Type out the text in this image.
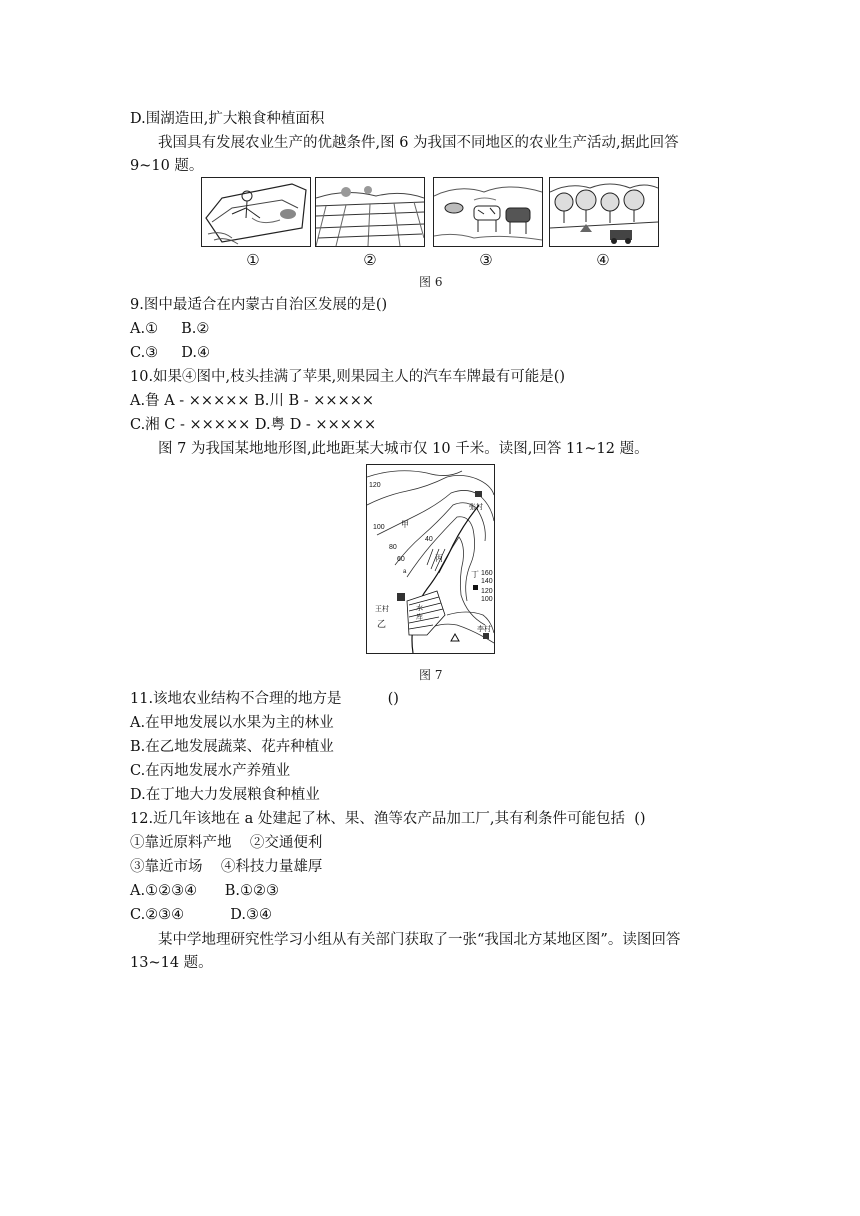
D.围湖造田,扩大粮食种植面积
我国具有发展农业生产的优越条件,图 6 为我国不同地区的农业生产活动,据此回答
9~10 题。
①	②	③	④
图 6
9.图中最适合在内蒙古自治区发展的是()
A.①     B.②
C.③     D.④
10.如果④图中,枝头挂满了苹果,则果园主人的汽车车牌最有可能是()
A.鲁 A - ××××× B.川 B - ×××××
C.湘 C - ××××× D.粤 D - ×××××
图 7 为我国某地地形图,此地距某大城市仅 10 千米。读图,回答 11~12 题。
120
100
80
60
40
160
140
120
100
甲
乙
丙
丁
a
王村
张村
李村
水
库
图 7
11.该地农业结构不合理的地方是          ()
A.在甲地发展以水果为主的林业
B.在乙地发展蔬菜、花卉种植业
C.在丙地发展水产养殖业
D.在丁地大力发展粮食种植业
12.近几年该地在 a 处建起了林、果、渔等农产品加工厂,其有利条件可能包括  ()
①靠近原料产地    ②交通便利
③靠近市场    ④科技力量雄厚
A.①②③④      B.①②③
C.②③④          D.③④
某中学地理研究性学习小组从有关部门获取了一张“我国北方某地区图”。读图回答
13~14 题。
